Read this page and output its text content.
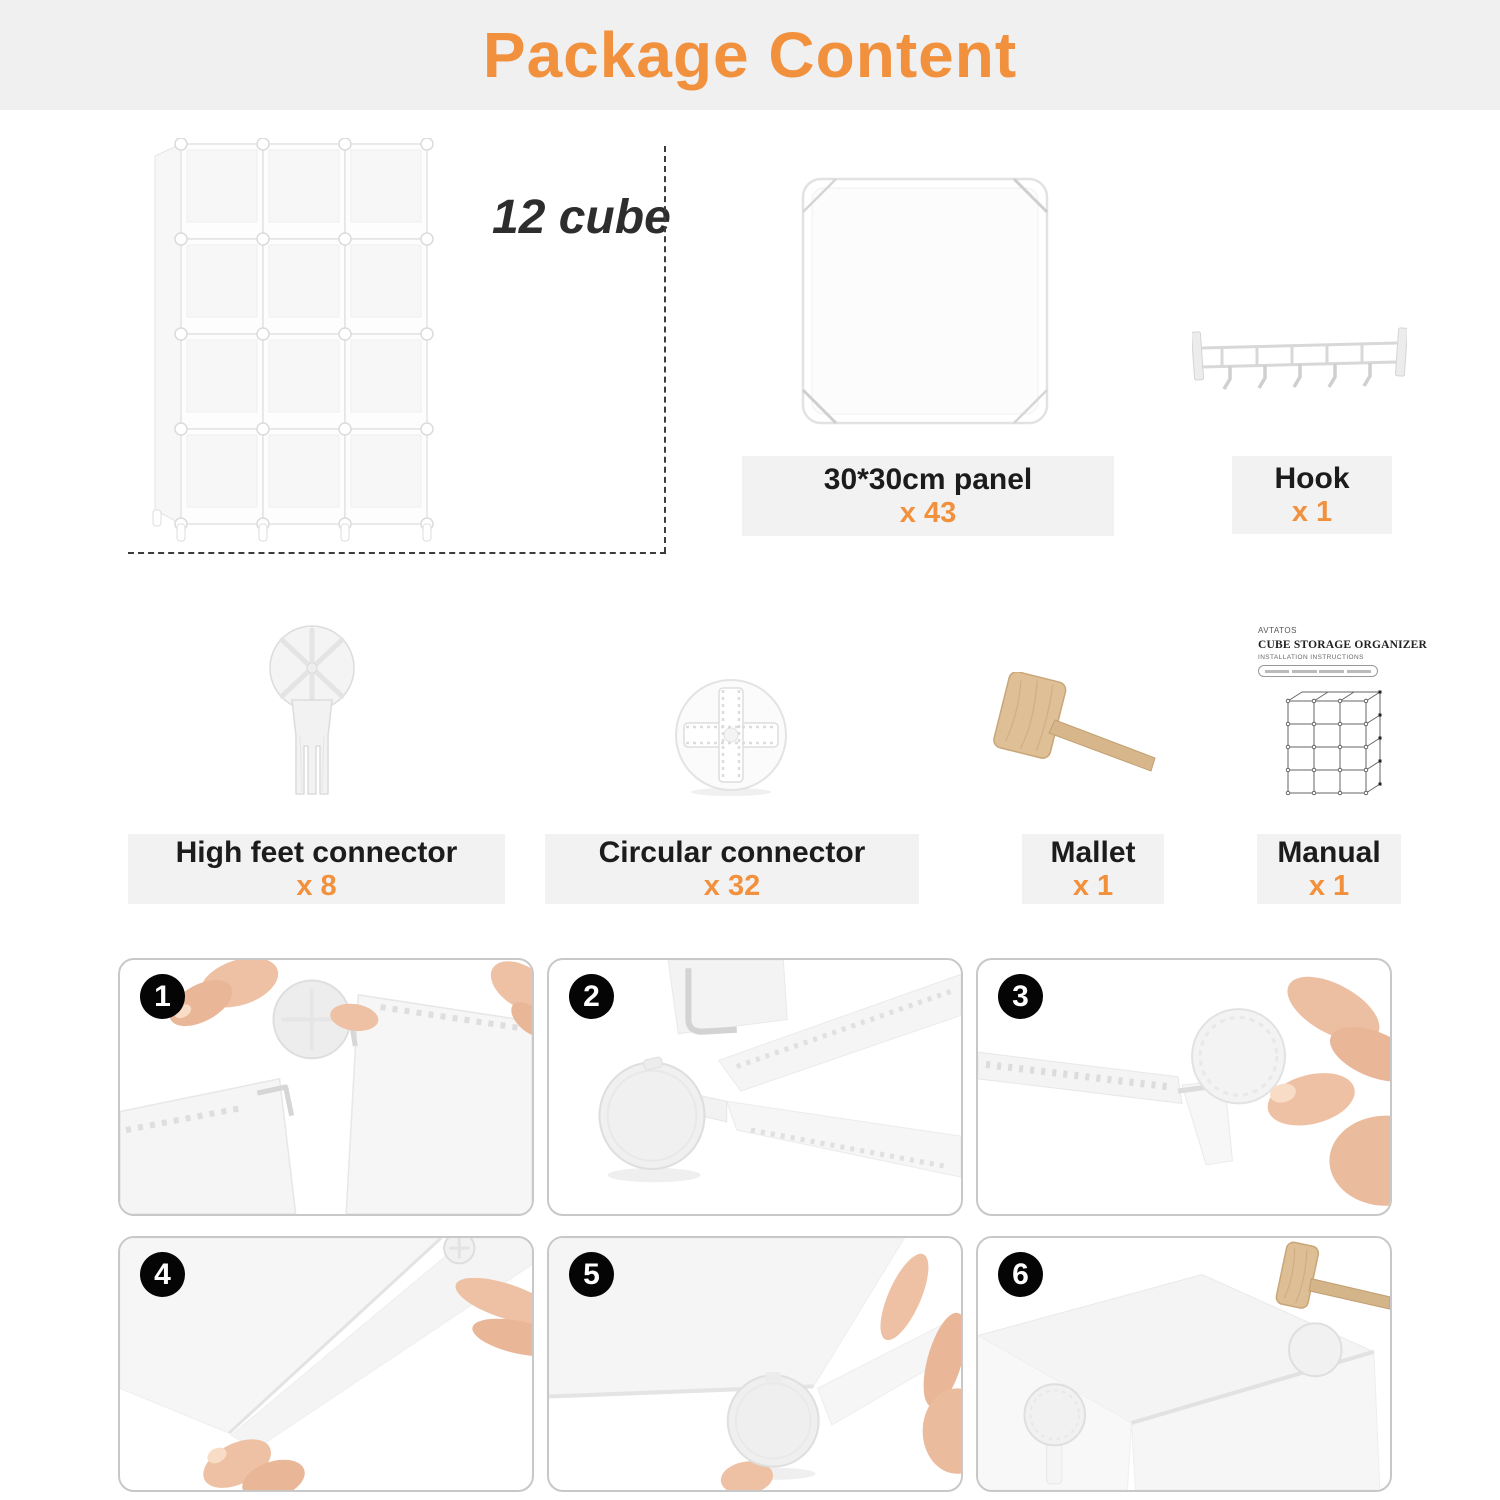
Package Content
12 cube
30*30cm panel
x 43
Hook
x 1
AVTATOS
CUBE STORAGE ORGANIZER
INSTALLATION INSTRUCTIONS
High feet connector
x 8
Circular connector
x 32
Mallet
x 1
Manual
x 1
1	2	3
4	5	6
